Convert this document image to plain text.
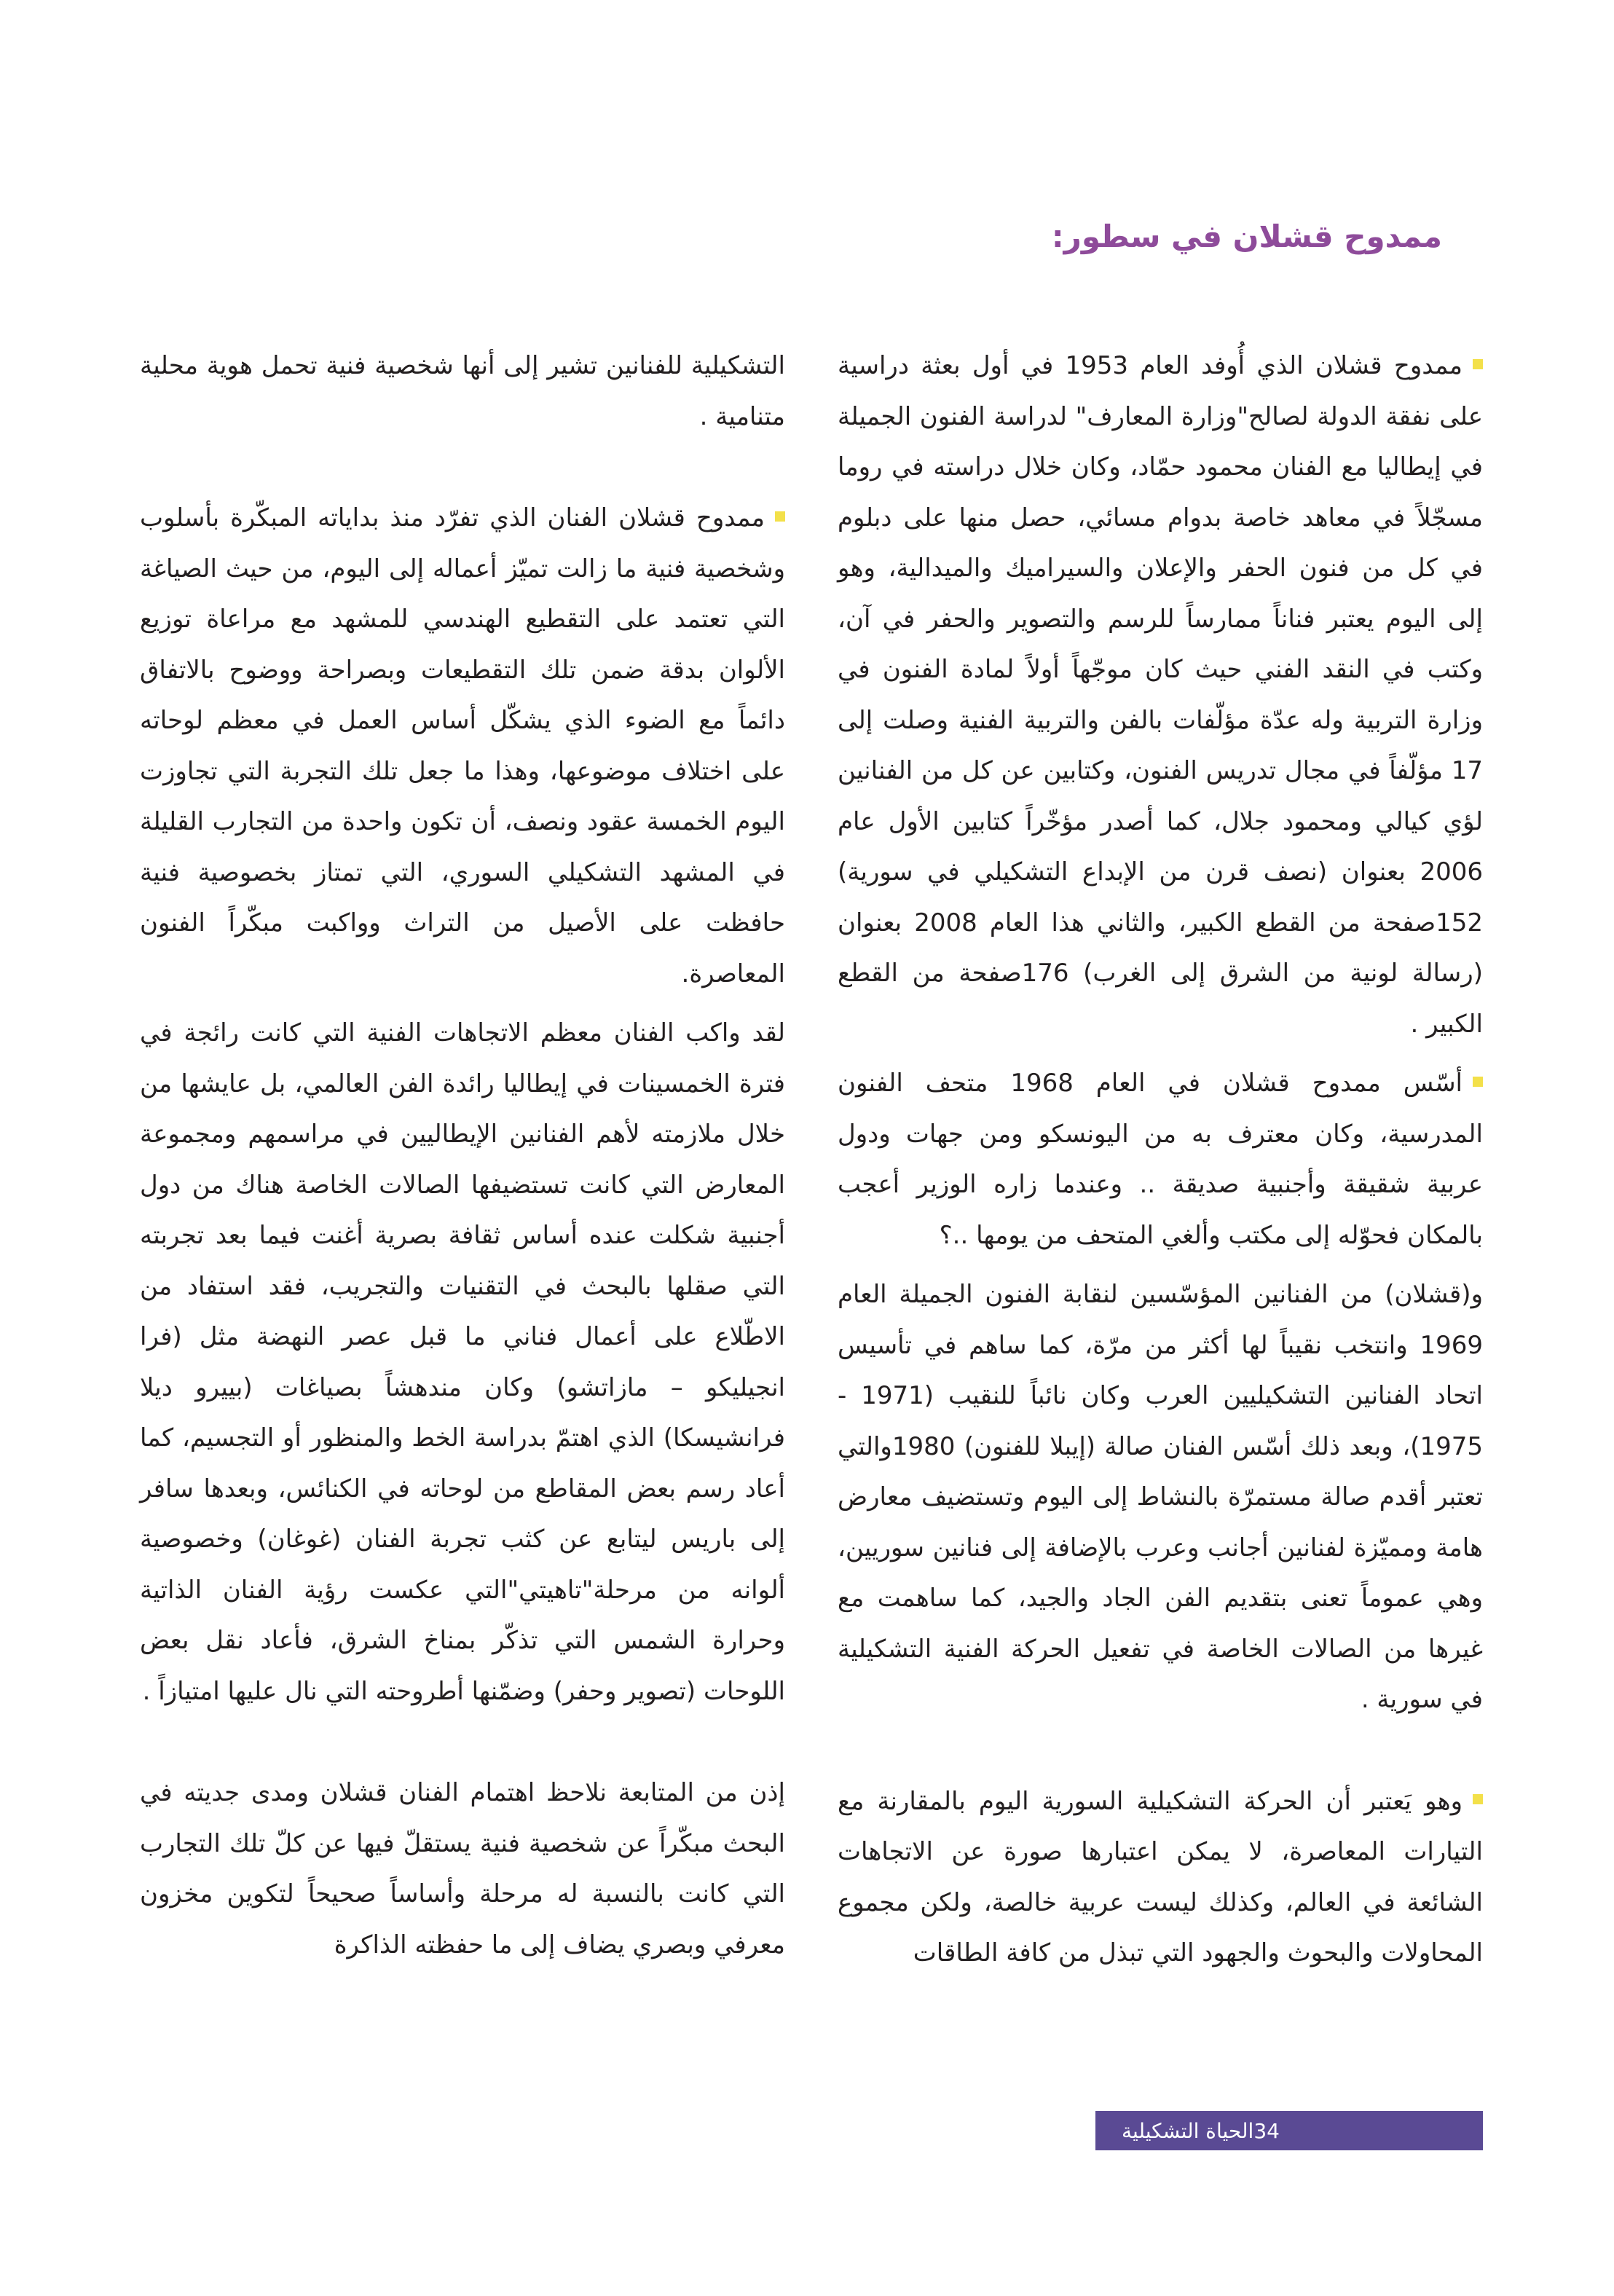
ممدوح قشلان في سطور:

ممدوح قشلان الذي أُوفد العام 1953 في أول بعثة دراسية على نفقة الدولة لصالح"وزارة المعارف" لدراسة الفنون الجميلة في إيطاليا مع الفنان محمود حمّاد، وكان خلال دراسته في روما مسجّلاً في معاهد خاصة بدوام مسائي، حصل منها على دبلوم في كل من فنون الحفر والإعلان والسيراميك والميدالية، وهو إلى اليوم يعتبر فناناً ممارساً للرسم والتصوير والحفر في آن، وكتب في النقد الفني حيث كان موجّهاً أولاً لمادة الفنون في وزارة التربية وله عدّة مؤلّفات بالفن والتربية الفنية وصلت إلى 17 مؤلّفاً في مجال تدريس الفنون، وكتابين عن كل من الفنانين لؤي كيالي ومحمود جلال، كما أصدر مؤخّراً كتابين الأول عام 2006 بعنوان (نصف قرن من الإبداع التشكيلي في سورية) 152صفحة من القطع الكبير، والثاني هذا العام 2008 بعنوان (رسالة لونية من الشرق إلى الغرب) 176صفحة من القطع الكبير .

أسّس ممدوح قشلان في العام 1968 متحف الفنون المدرسية، وكان معترف به من اليونسكو ومن جهات ودول عربية شقيقة وأجنبية صديقة .. وعندما زاره الوزير أعجب بالمكان فحوّله إلى مكتب وألغي المتحف من يومها ..؟

و(قشلان) من الفنانين المؤسّسين لنقابة الفنون الجميلة العام 1969 وانتخب نقيباً لها أكثر من مرّة، كما ساهم في تأسيس اتحاد الفنانين التشكيليين العرب وكان نائباً للنقيب (1971 - 1975)، وبعد ذلك أسّس الفنان صالة (إيبلا للفنون) 1980والتي تعتبر أقدم صالة مستمرّة بالنشاط إلى اليوم وتستضيف معارض هامة ومميّزة لفنانين أجانب وعرب بالإضافة إلى فنانين سوريين، وهي عموماً تعنى بتقديم الفن الجاد والجيد، كما ساهمت مع غيرها من الصالات الخاصة في تفعيل الحركة الفنية التشكيلية في سورية .

وهو يَعتبر أن الحركة التشكيلية السورية اليوم بالمقارنة مع التيارات المعاصرة، لا يمكن اعتبارها صورة عن الاتجاهات الشائعة في العالم، وكذلك ليست عربية خالصة، ولكن مجموع المحاولات والبحوث والجهود التي تبذل من كافة الطاقات

التشكيلية للفنانين تشير إلى أنها شخصية فنية تحمل هوية محلية متنامية .

ممدوح قشلان الفنان الذي تفرّد منذ بداياته المبكّرة بأسلوب وشخصية فنية ما زالت تميّز أعماله إلى اليوم، من حيث الصياغة التي تعتمد على التقطيع الهندسي للمشهد مع مراعاة توزيع الألوان بدقة ضمن تلك التقطيعات وبصراحة ووضوح بالاتفاق دائماً مع الضوء الذي يشكّل أساس العمل في معظم لوحاته على اختلاف موضوعها، وهذا ما جعل تلك التجربة التي تجاوزت اليوم الخمسة عقود ونصف، أن تكون واحدة من التجارب القليلة في المشهد التشكيلي السوري، التي تمتاز بخصوصية فنية حافظت على الأصيل من التراث وواكبت مبكّراً الفنون المعاصرة.

لقد واكب الفنان معظم الاتجاهات الفنية التي كانت رائجة في فترة الخمسينات في إيطاليا رائدة الفن العالمي، بل عايشها من خلال ملازمته لأهم الفنانين الإيطاليين في مراسمهم ومجموعة المعارض التي كانت تستضيفها الصالات الخاصة هناك من دول أجنبية شكلت عنده أساس ثقافة بصرية أغنت فيما بعد تجربته التي صقلها بالبحث في التقنيات والتجريب، فقد استفاد من الاطّلاع على أعمال فناني ما قبل عصر النهضة مثل (فرا انجيليكو – مازاتشو) وكان مندهشاً بصياغات (بييرو ديلا فرانشيسكا) الذي اهتمّ بدراسة الخط والمنظور أو التجسيم، كما أعاد رسم بعض المقاطع من لوحاته في الكنائس، وبعدها سافر إلى باريس ليتابع عن كثب تجربة الفنان (غوغان) وخصوصية ألوانه من مرحلة"تاهيتي"التي عكست رؤية الفنان الذاتية وحرارة الشمس التي تذكّر بمناخ الشرق، فأعاد نقل بعض اللوحات (تصوير وحفر) وضمّنها أطروحته التي نال عليها امتيازاً .

إذن من المتابعة نلاحظ اهتمام الفنان قشلان ومدى جديته في البحث مبكّراً عن شخصية فنية يستقلّ فيها عن كلّ تلك التجارب التي كانت بالنسبة له مرحلة وأساساً صحيحاً لتكوين مخزون معرفي وبصري يضاف إلى ما حفظته الذاكرة

34
الحياة التشكيلية
